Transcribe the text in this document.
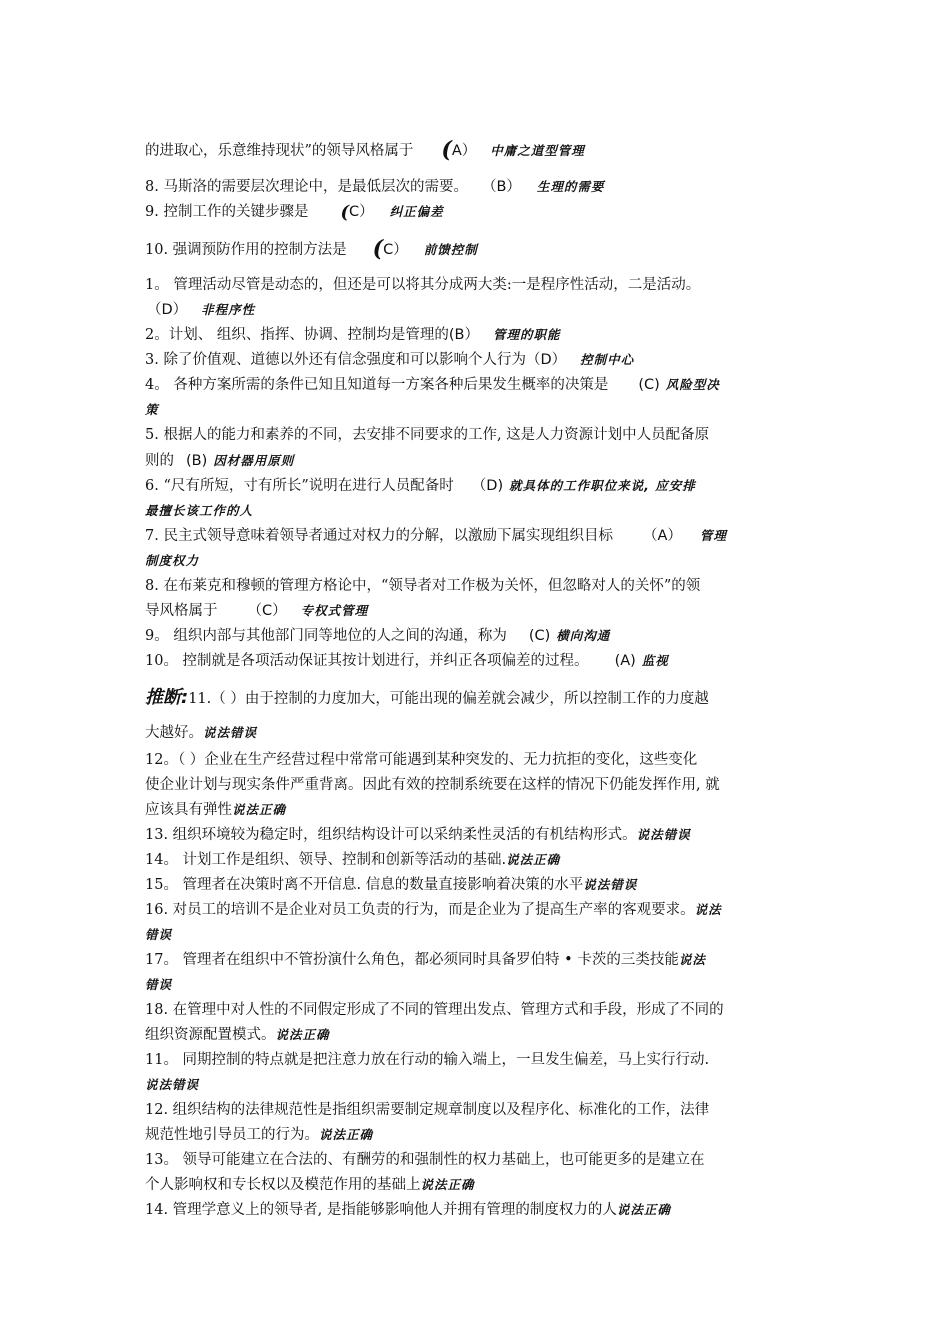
的进取心，乐意维持现状”的领导风格属于 (A） 中庸之道型管理
8. 马斯洛的需要层次理论中，是最低层次的需要。 （B） 生理的需要
9. 控制工作的关键步骤是 (C） 纠正偏差
10. 强调预防作用的控制方法是 (C） 前馈控制
1。 管理活动尽管是动态的，但还是可以将其分成两大类:一是程序性活动，二是活动。
（D） 非程序性
2。计划、 组织、指挥、协调、控制均是管理的(B） 管理的职能
3. 除了价值观、道德以外还有信念强度和可以影响个人行为（D） 控制中心
4。 各种方案所需的条件已知且知道每一方案各种后果发生概率的决策是 (C) 风险型决
策
5. 根据人的能力和素养的不同，去安排不同要求的工作, 这是人力资源计划中人员配备原
则的 (B) 因材器用原则
6. “尺有所短，寸有所长”说明在进行人员配备时 （D) 就具体的工作职位来说, 应安排
最擅长该工作的人
7. 民主式领导意味着领导者通过对权力的分解，以激励下属实现组织目标 （A） 管理
制度权力
8. 在布莱克和穆顿的管理方格论中，“领导者对工作极为关怀，但忽略对人的关怀”的领
导风格属于 （C） 专权式管理
9。 组织内部与其他部门同等地位的人之间的沟通，称为 (C) 横向沟通
10。 控制就是各项活动保证其按计划进行，并纠正各项偏差的过程。 (A) 监视
推断:11.（ ）由于控制的力度加大，可能出现的偏差就会减少，所以控制工作的力度越
大越好。说法错误
12。（ ）企业在生产经营过程中常常可能遇到某种突发的、无力抗拒的变化，这些变化
使企业计划与现实条件严重背离。因此有效的控制系统要在这样的情况下仍能发挥作用, 就
应该具有弹性说法正确
13. 组织环境较为稳定时，组织结构设计可以采纳柔性灵活的有机结构形式。说法错误
14。 计划工作是组织、领导、控制和创新等活动的基础.说法正确
15。 管理者在决策时离不开信息. 信息的数量直接影响着决策的水平说法错误
16. 对员工的培训不是企业对员工负责的行为，而是企业为了提高生产率的客观要求。说法
错误
17。 管理者在组织中不管扮演什么角色，都必须同时具备罗伯特 • 卡茨的三类技能说法
错误
18. 在管理中对人性的不同假定形成了不同的管理出发点、管理方式和手段，形成了不同的
组织资源配置模式。说法正确
11。 同期控制的特点就是把注意力放在行动的输入端上，一旦发生偏差，马上实行行动.
说法错误
12. 组织结构的法律规范性是指组织需要制定规章制度以及程序化、标准化的工作，法律
规范性地引导员工的行为。说法正确
13。 领导可能建立在合法的、有酬劳的和强制性的权力基础上，也可能更多的是建立在
个人影响权和专长权以及模范作用的基础上说法正确
14. 管理学意义上的领导者, 是指能够影响他人并拥有管理的制度权力的人说法正确
